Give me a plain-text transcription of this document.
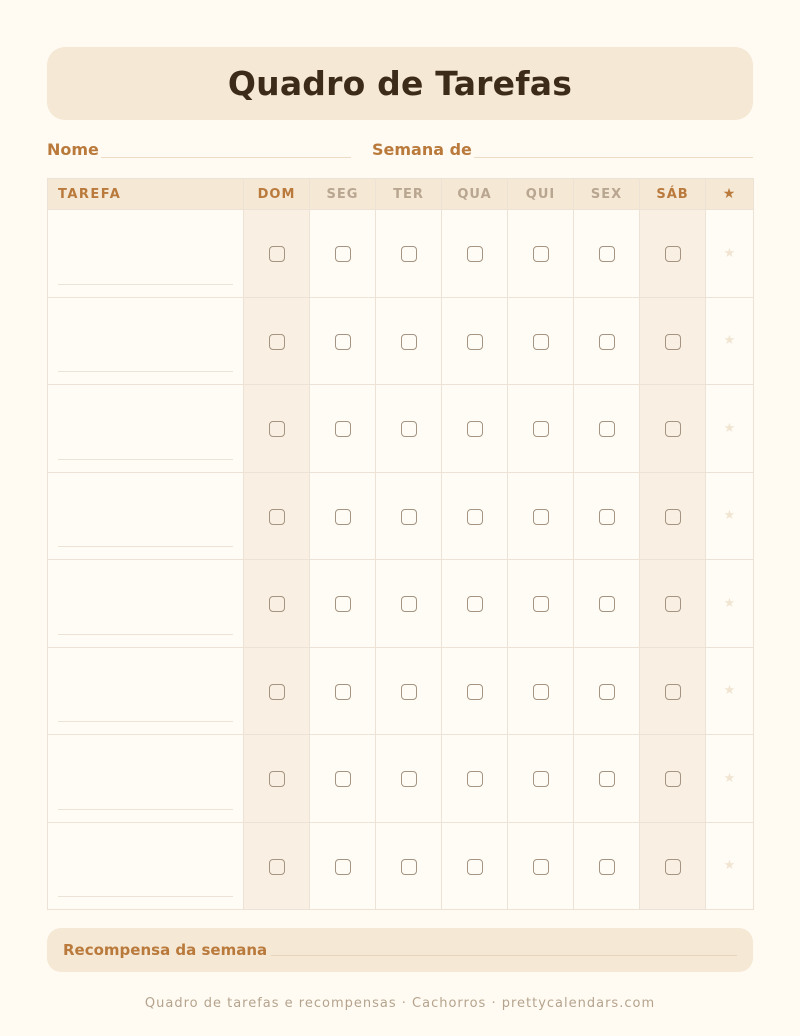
Quadro de Tarefas
Nome	Semana de
TAREFA	DOM	SEG	TER	QUA	QUI	SEX	SÁB	★

								★

								★

								★

								★

								★

								★

								★

								★
Recompensa da semana
Quadro de tarefas e recompensas · Cachorros · prettycalendars.com
